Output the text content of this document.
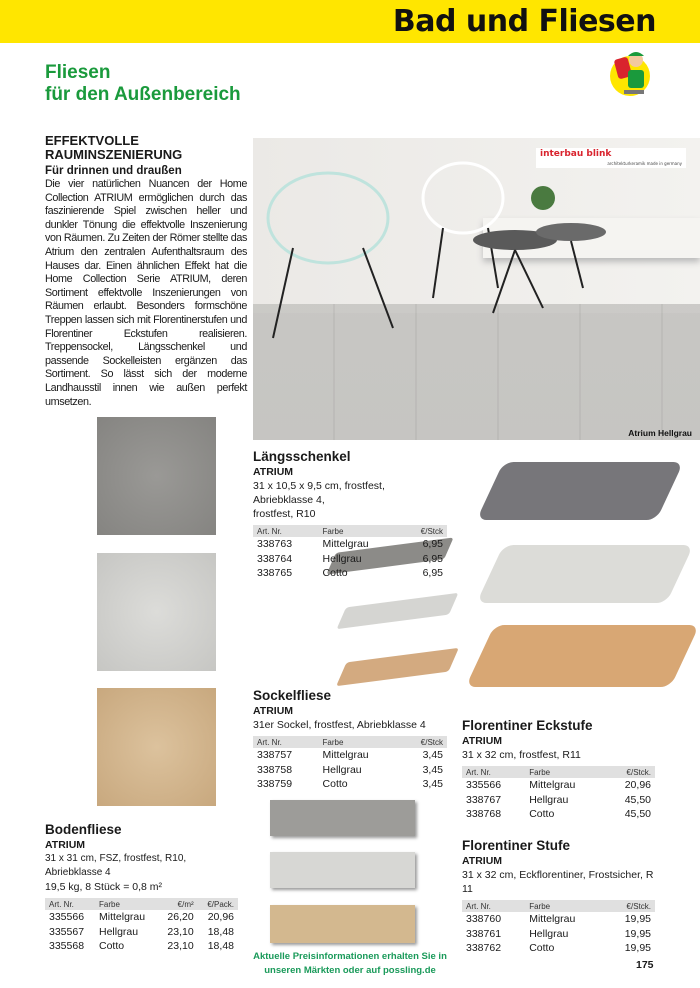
Bad und Fliesen
Fliesen
für den Außenbereich
EFFEKTVOLLE
RAUMINSZENIERUNG
Für drinnen und draußen

Die vier natürlichen Nuancen der Home Collection ATRIUM ermöglichen durch das faszinierende Spiel zwischen heller und dunkler Tönung die effektvolle Inszenierung von Räumen. Zu Zeiten der Römer stellte das Atrium den zentralen Aufenthaltsraum des Hauses dar. Einen ähnlichen Effekt hat die Home Collection Serie ATRIUM, deren Sortiment effektvolle Inszenierungen von Räumen erlaubt. Besonders formschöne Treppen lassen sich mit Florentinerstufen und Florentiner Eckstufen realisieren. Treppensockel, Längsschenkel und passende Sockelleisten ergänzen das Sortiment. So lässt sich der moderne Landhausstil innen wie außen perfekt umsetzen.

interbau blink
architekturkeramik made in germany
Atrium Hellgrau
Längsschenkel
ATRIUM
31 x 10,5 x 9,5 cm, frostfest, Abriebklasse 4,
frostfest, R10
Art. Nr.	Farbe	€/Stck
338763	Mittelgrau	6,95
338764	Hellgrau	6,95
338765	Cotto	6,95
Sockelfliese
ATRIUM
31er Sockel, frostfest, Abriebklasse 4
Art. Nr.	Farbe	€/Stck
338757	Mittelgrau	3,45
338758	Hellgrau	3,45
338759	Cotto	3,45
Florentiner Eckstufe
ATRIUM
31 x 32 cm, frostfest, R11
Art. Nr.	Farbe	€/Stck.
335566	Mittelgrau	20,96
338767	Hellgrau	45,50
338768	Cotto	45,50
Florentiner Stufe
ATRIUM
31 x 32 cm, Eckflorentiner, Frostsicher, R 11
Art. Nr.	Farbe	€/Stck.
338760	Mittelgrau	19,95
338761	Hellgrau	19,95
338762	Cotto	19,95
Bodenfliese
ATRIUM
31 x 31 cm, FSZ, frostfest, R10, Abriebklasse 4
19,5 kg, 8 Stück = 0,8 m²
Art. Nr.	Farbe	€/m²	€/Pack.
335566	Mittelgrau	26,20	20,96
335567	Hellgrau	23,10	18,48
335568	Cotto	23,10	18,48
Aktuelle Preisinformationen erhalten Sie in
unseren Märkten oder auf possling.de	175
